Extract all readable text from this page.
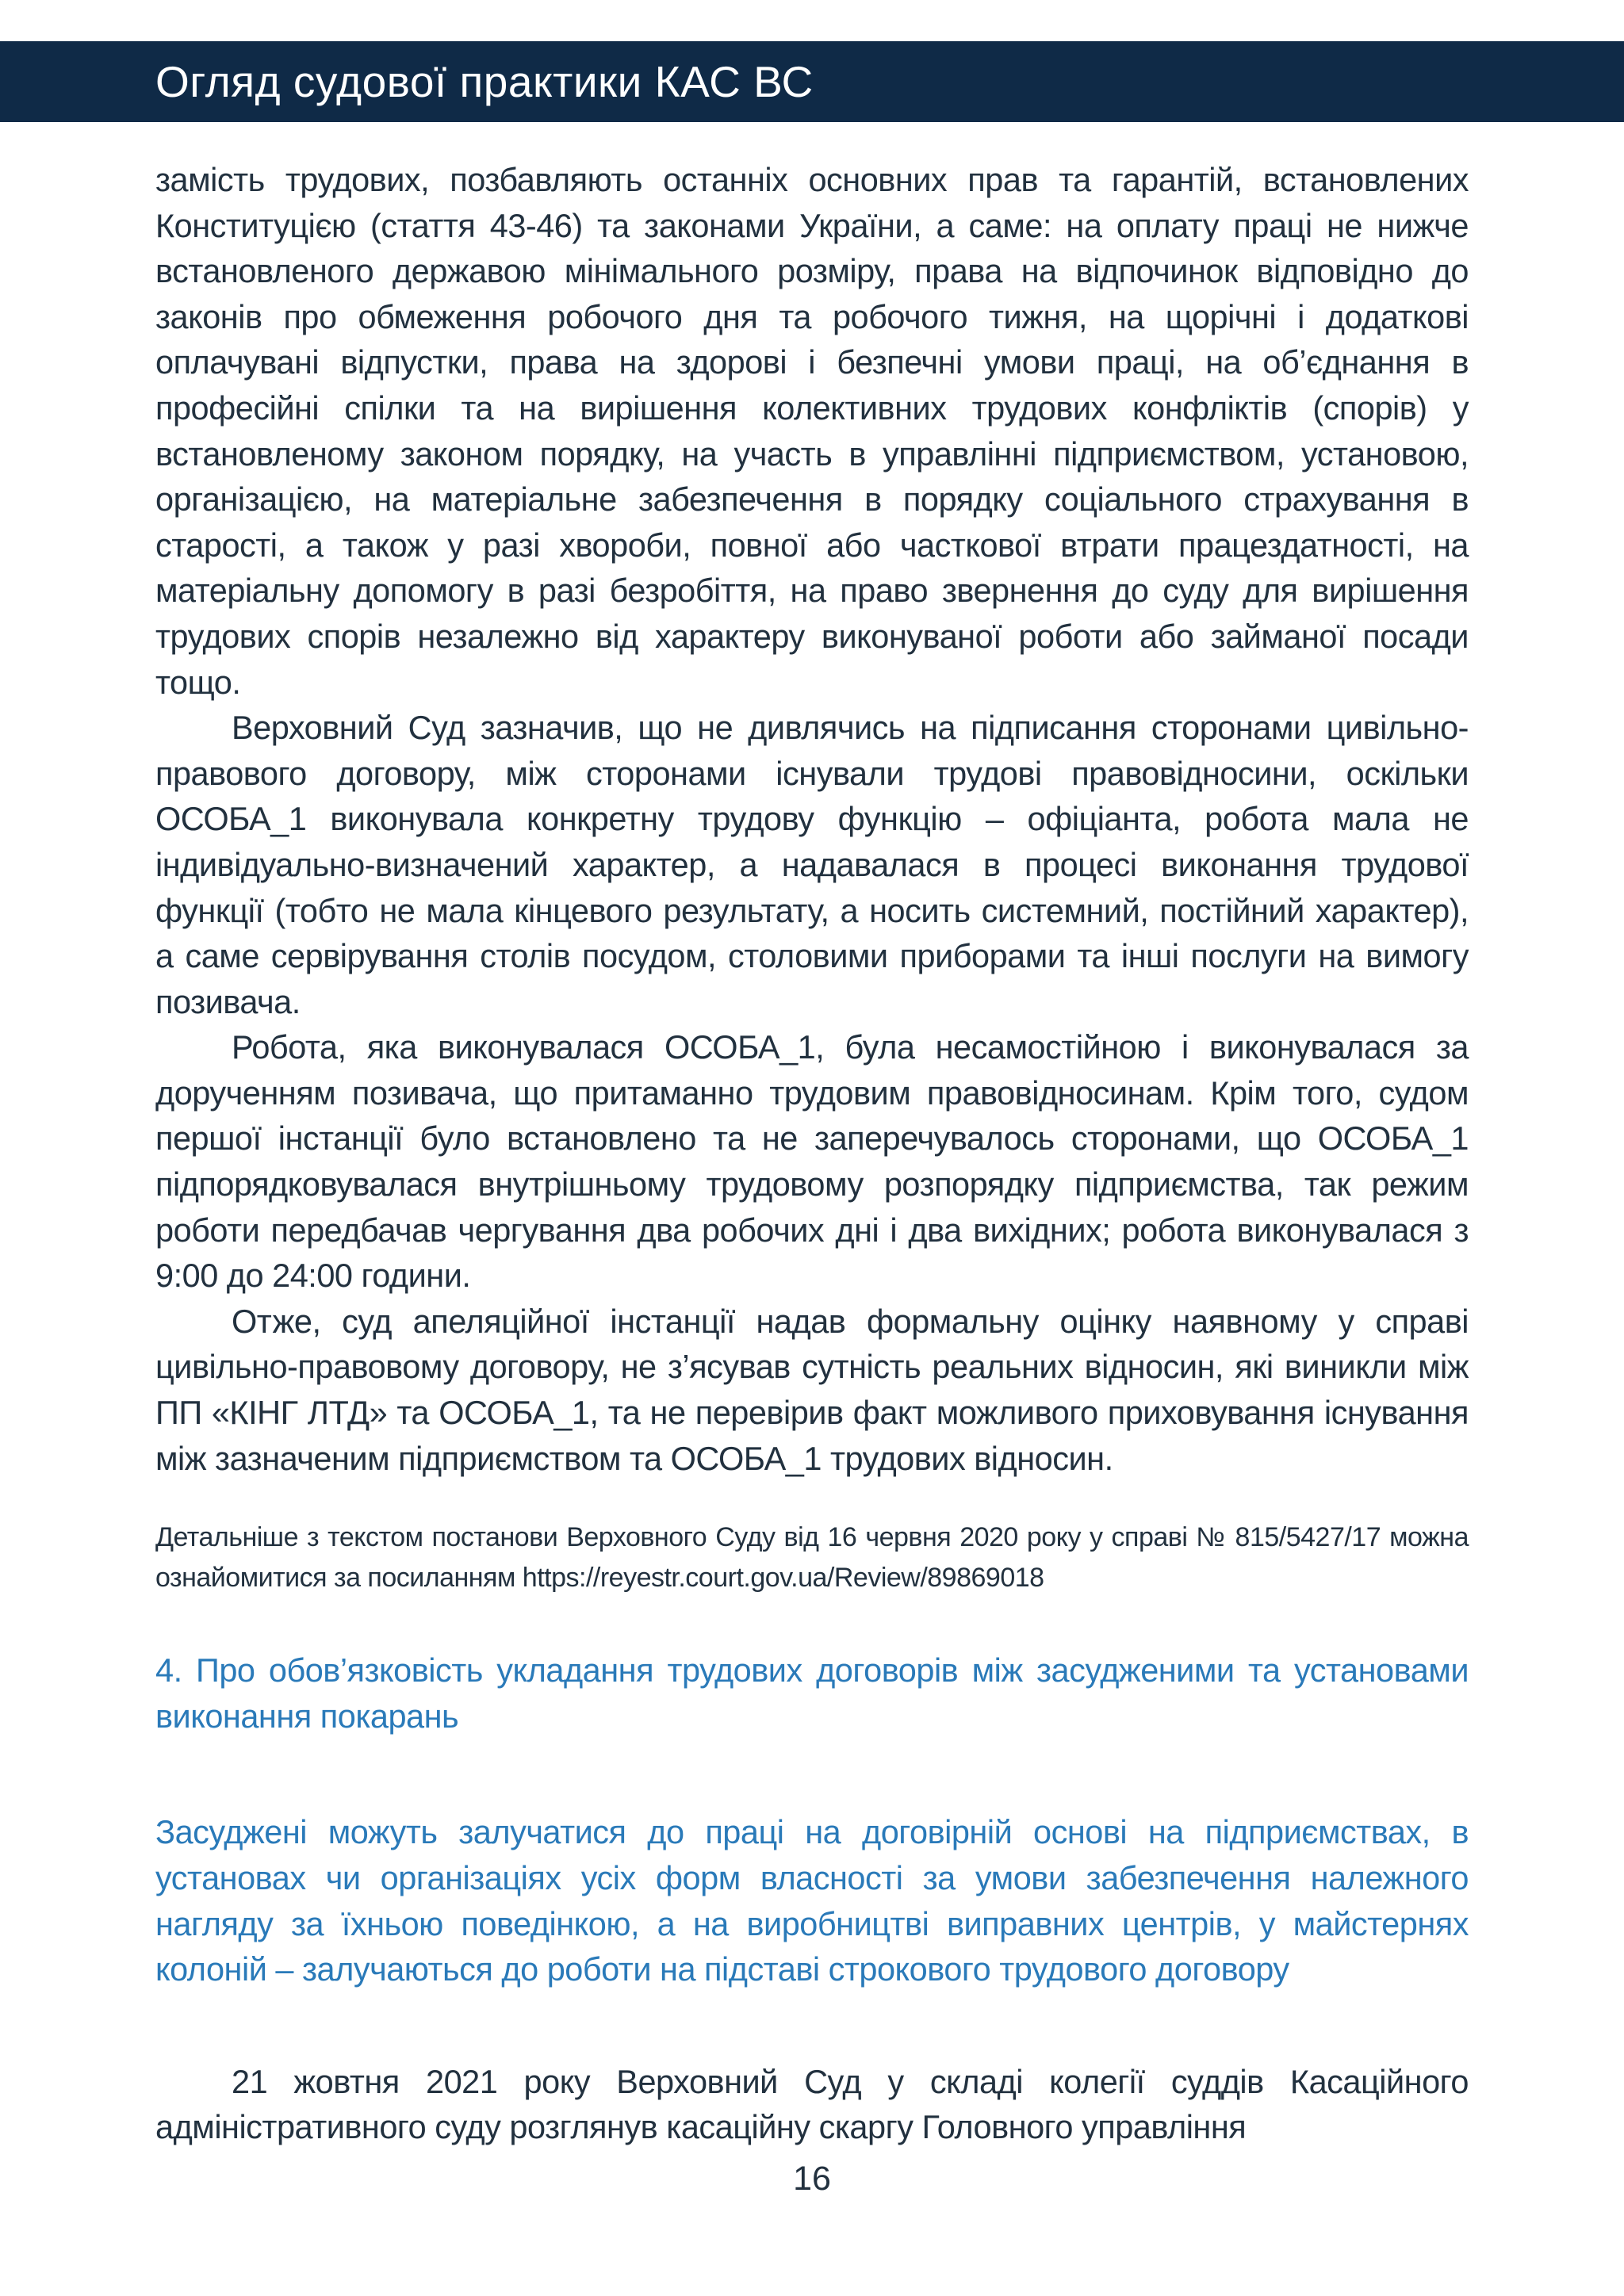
Огляд судової практики КАС ВС

замість трудових, позбавляють останніх основних прав та гарантій, встановлених Конституцією (стаття 43-46) та законами України, а саме: на оплату праці не нижче встановленого державою мінімального розміру, права на відпочинок відповідно до законів про обмеження робочого дня та робочого тижня, на щорічні і додаткові оплачувані відпустки, права на здорові і безпечні умови праці, на об’єднання в професійні спілки та на вирішення колективних трудових конфліктів (спорів) у встановленому законом порядку, на участь в управлінні підприємством, установою, організацією, на матеріальне забезпечення в порядку соціального страхування в старості, а також у разі хвороби, повної або часткової втрати працездатності, на матеріальну допомогу в разі безробіття, на право звернення до суду для вирішення трудових спорів незалежно від характеру виконуваної роботи або займаної посади тощо.

Верховний Суд зазначив, що не дивлячись на підписання сторонами цивільно-правового договору, між сторонами існували трудові правовідносини, оскільки ОСОБА_1 виконувала конкретну трудову функцію – офіціанта, робота мала не індивідуально-визначений характер, а надавалася в процесі виконання трудової функції (тобто не мала кінцевого результату, а носить системний, постійний характер), а саме сервірування столів посудом, столовими приборами та інші послуги на вимогу позивача.

Робота, яка виконувалася ОСОБА_1, була несамостійною і виконувалася за дорученням позивача, що притаманно трудовим правовідносинам. Крім того, судом першої інстанції було встановлено та не заперечувалось сторонами, що ОСОБА_1 підпорядковувалася внутрішньому трудовому розпорядку підприємства, так режим роботи передбачав чергування два робочих дні і два вихідних; робота виконувалася з 9:00 до 24:00 години.

Отже, суд апеляційної інстанції надав формальну оцінку наявному у справі цивільно-правовому договору, не з’ясував сутність реальних відносин, які виникли між ПП «КІНГ ЛТД» та ОСОБА_1, та не перевірив факт можливого приховування існування між зазначеним підприємством та ОСОБА_1 трудових відносин.

Детальніше з текстом постанови Верховного Суду від 16 червня 2020 року у справі № 815/5427/17 можна ознайомитися за посиланням https://reyestr.court.gov.ua/Review/89869018

4. Про обов’язковість укладання трудових договорів між засудженими та установами виконання покарань

Засуджені можуть залучатися до праці на договірній основі на підприємствах, в установах чи організаціях усіх форм власності за умови забезпечення належного нагляду за їхньою поведінкою, а на виробництві виправних центрів, у майстернях колоній – залучаються до роботи на підставі строкового трудового договору

21 жовтня 2021 року Верховний Суд у складі колегії суддів Касаційного адміністративного суду розглянув касаційну скаргу Головного управління

16
